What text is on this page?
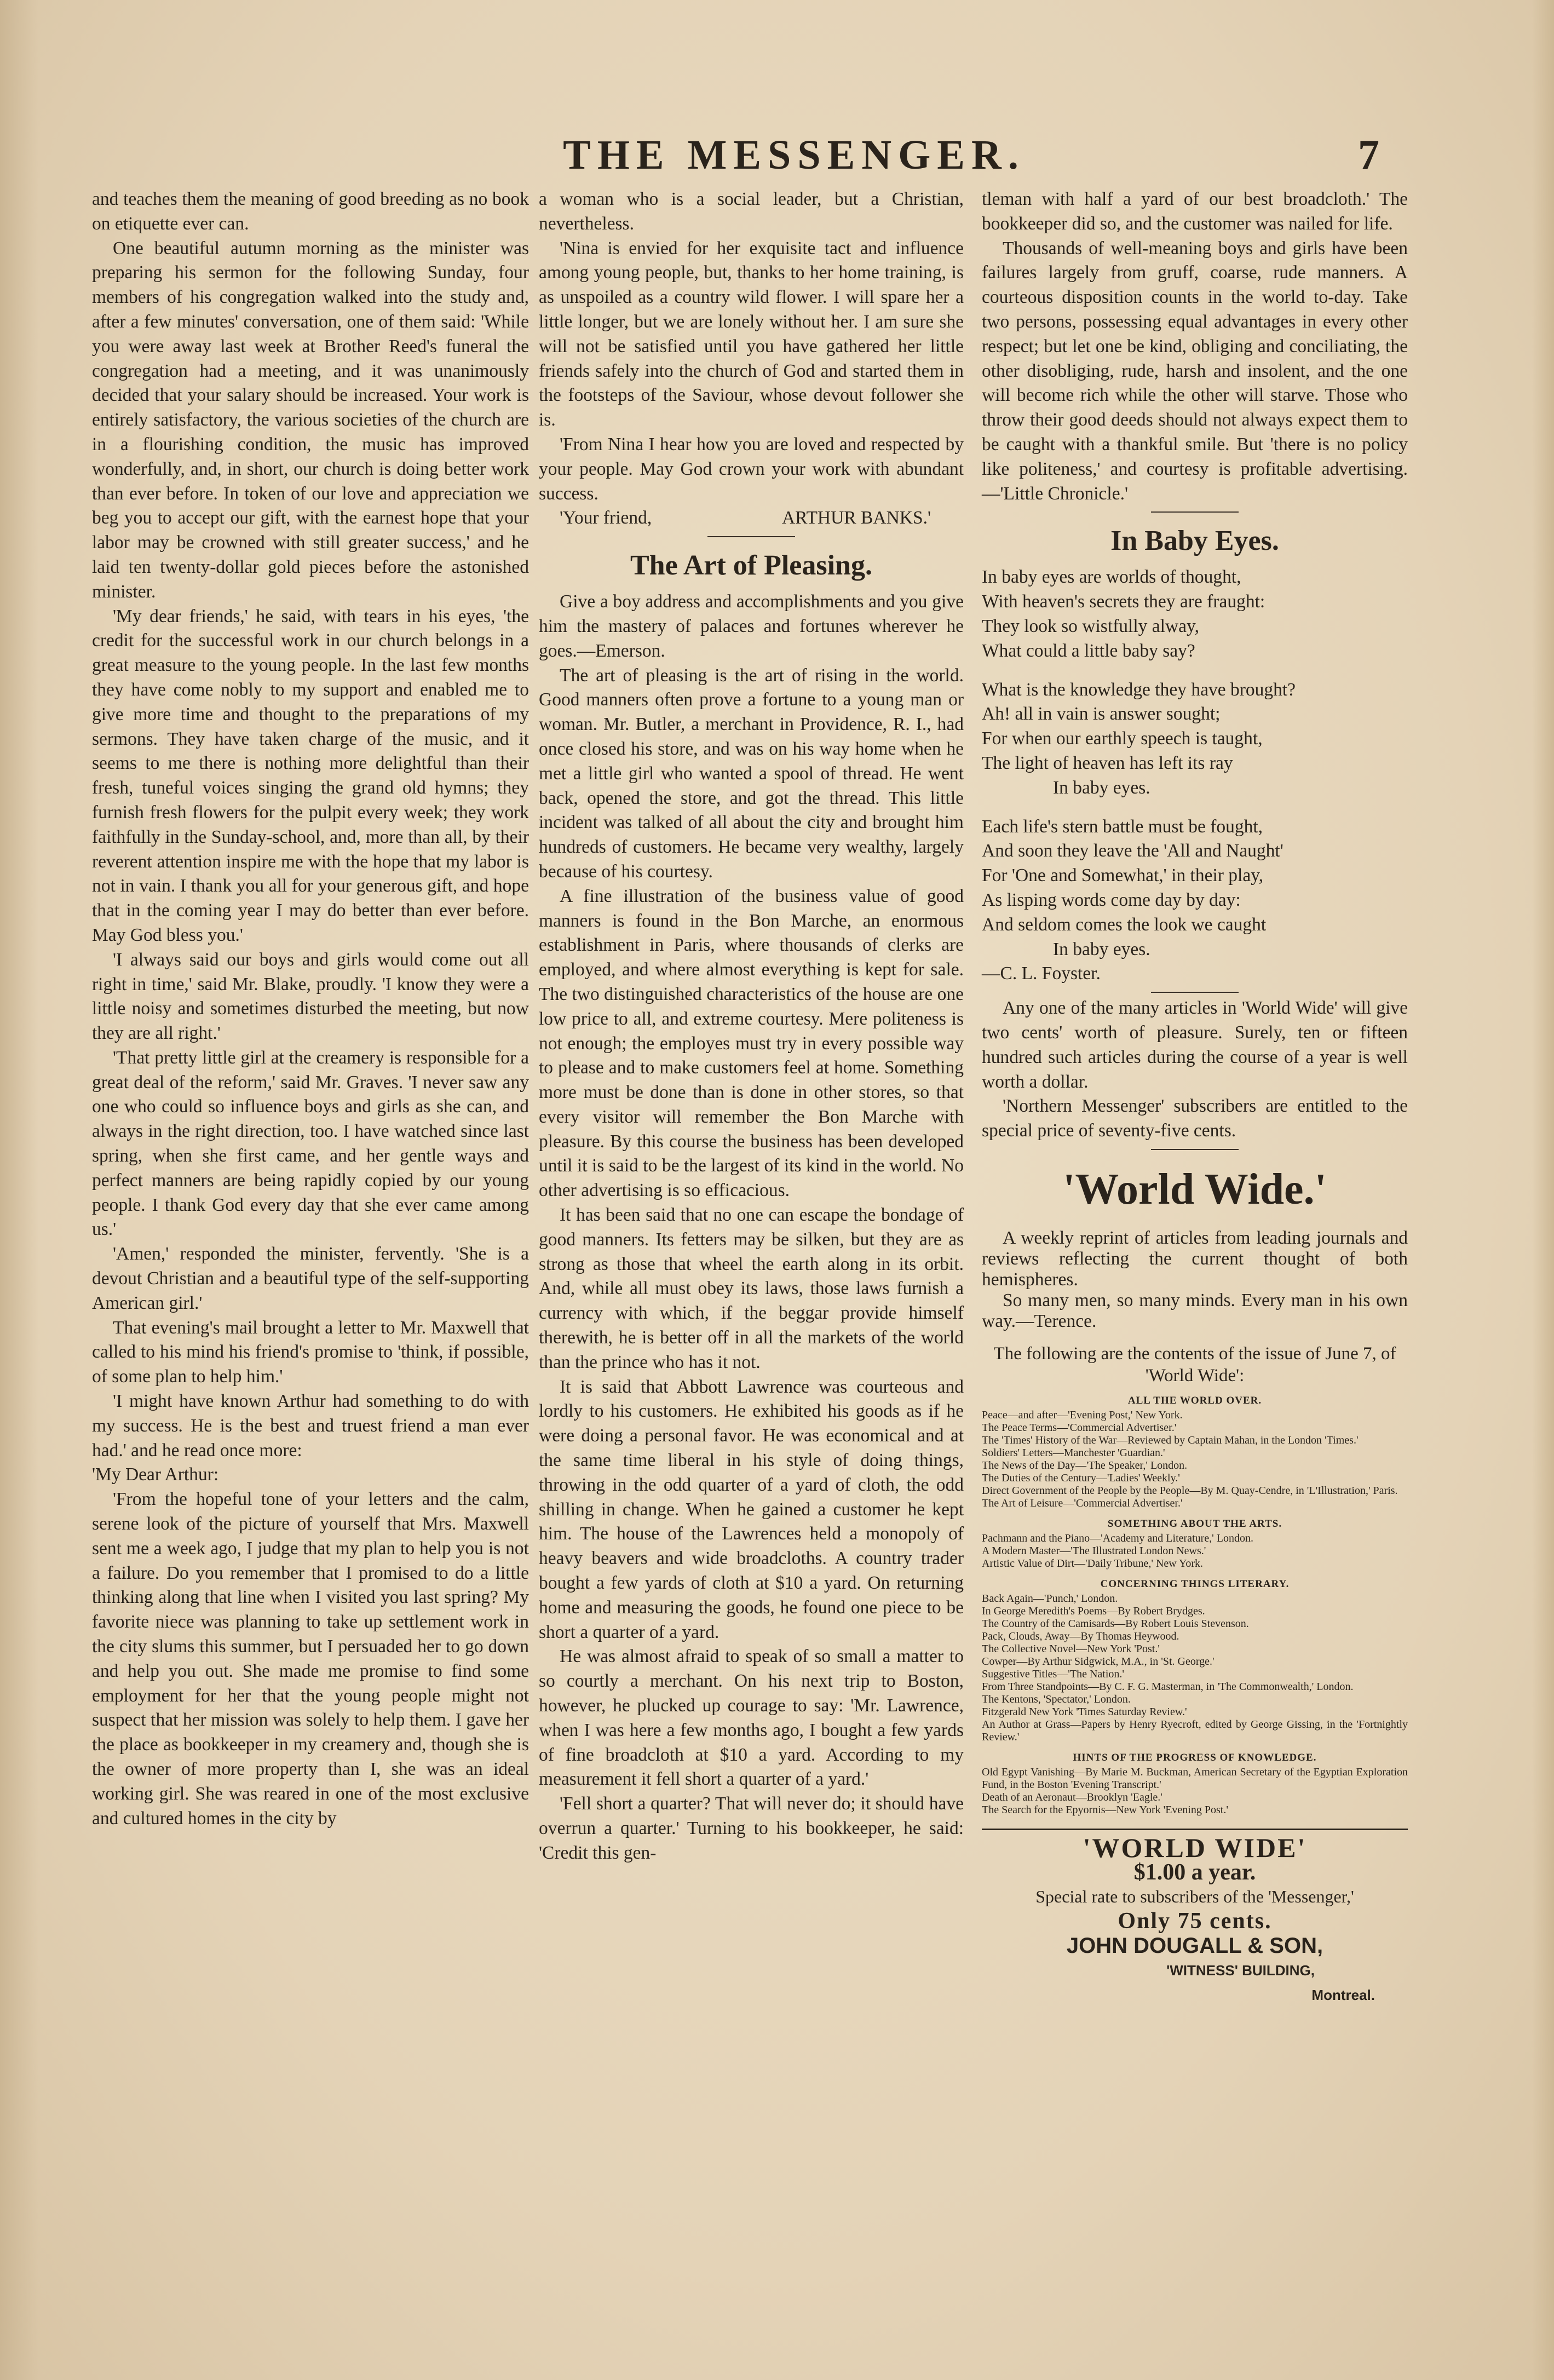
THE MESSENGER.	7

and teaches them the meaning of good breeding as no book on etiquette ever can.

One beautiful autumn morning as the minister was preparing his sermon for the following Sunday, four members of his congregation walked into the study and, after a few minutes' conversation, one of them said: 'While you were away last week at Brother Reed's funeral the congregation had a meeting, and it was unanimously decided that your salary should be increased. Your work is entirely satisfactory, the various societies of the church are in a flourishing condition, the music has improved wonderfully, and, in short, our church is doing better work than ever before. In token of our love and appreciation we beg you to accept our gift, with the earnest hope that your labor may be crowned with still greater success,' and he laid ten twenty-dollar gold pieces before the astonished minister.

'My dear friends,' he said, with tears in his eyes, 'the credit for the successful work in our church belongs in a great measure to the young people. In the last few months they have come nobly to my support and enabled me to give more time and thought to the preparations of my sermons. They have taken charge of the music, and it seems to me there is nothing more delightful than their fresh, tuneful voices singing the grand old hymns; they furnish fresh flowers for the pulpit every week; they work faithfully in the Sunday-school, and, more than all, by their reverent attention inspire me with the hope that my labor is not in vain. I thank you all for your generous gift, and hope that in the coming year I may do better than ever before. May God bless you.'

'I always said our boys and girls would come out all right in time,' said Mr. Blake, proudly. 'I know they were a little noisy and sometimes disturbed the meeting, but now they are all right.'

'That pretty little girl at the creamery is responsible for a great deal of the reform,' said Mr. Graves. 'I never saw any one who could so influence boys and girls as she can, and always in the right direction, too. I have watched since last spring, when she first came, and her gentle ways and perfect manners are being rapidly copied by our young people. I thank God every day that she ever came among us.'

'Amen,' responded the minister, fervently. 'She is a devout Christian and a beautiful type of the self-supporting American girl.'

That evening's mail brought a letter to Mr. Maxwell that called to his mind his friend's promise to 'think, if possible, of some plan to help him.'

'I might have known Arthur had something to do with my success. He is the best and truest friend a man ever had.' and he read once more:

'My Dear Arthur:

'From the hopeful tone of your letters and the calm, serene look of the picture of yourself that Mrs. Maxwell sent me a week ago, I judge that my plan to help you is not a failure. Do you remember that I promised to do a little thinking along that line when I visited you last spring? My favorite niece was planning to take up settlement work in the city slums this summer, but I persuaded her to go down and help you out. She made me promise to find some employment for her that the young people might not suspect that her mission was solely to help them. I gave her the place as bookkeeper in my creamery and, though she is the owner of more property than I, she was an ideal working girl. She was reared in one of the most exclusive and cultured homes in the city by

a woman who is a social leader, but a Christian, nevertheless.

'Nina is envied for her exquisite tact and influence among young people, but, thanks to her home training, is as unspoiled as a country wild flower. I will spare her a little longer, but we are lonely without her. I am sure she will not be satisfied until you have gathered her little friends safely into the church of God and started them in the footsteps of the Saviour, whose devout follower she is.

'From Nina I hear how you are loved and respected by your people. May God crown your work with abundant success.

'Your friend,	ARTHUR BANKS.'

The Art of Pleasing.

Give a boy address and accomplishments and you give him the mastery of palaces and fortunes wherever he goes.—Emerson.

The art of pleasing is the art of rising in the world. Good manners often prove a fortune to a young man or woman. Mr. Butler, a merchant in Providence, R. I., had once closed his store, and was on his way home when he met a little girl who wanted a spool of thread. He went back, opened the store, and got the thread. This little incident was talked of all about the city and brought him hundreds of customers. He became very wealthy, largely because of his courtesy.

A fine illustration of the business value of good manners is found in the Bon Marche, an enormous establishment in Paris, where thousands of clerks are employed, and where almost everything is kept for sale. The two distinguished characteristics of the house are one low price to all, and extreme courtesy. Mere politeness is not enough; the employes must try in every possible way to please and to make customers feel at home. Something more must be done than is done in other stores, so that every visitor will remember the Bon Marche with pleasure. By this course the business has been developed until it is said to be the largest of its kind in the world. No other advertising is so efficacious.

It has been said that no one can escape the bondage of good manners. Its fetters may be silken, but they are as strong as those that wheel the earth along in its orbit. And, while all must obey its laws, those laws furnish a currency with which, if the beggar provide himself therewith, he is better off in all the markets of the world than the prince who has it not.

It is said that Abbott Lawrence was courteous and lordly to his customers. He exhibited his goods as if he were doing a personal favor. He was economical and at the same time liberal in his style of doing things, throwing in the odd quarter of a yard of cloth, the odd shilling in change. When he gained a customer he kept him. The house of the Lawrences held a monopoly of heavy beavers and wide broadcloths. A country trader bought a few yards of cloth at $10 a yard. On returning home and measuring the goods, he found one piece to be short a quarter of a yard.

He was almost afraid to speak of so small a matter to so courtly a merchant. On his next trip to Boston, however, he plucked up courage to say: 'Mr. Lawrence, when I was here a few months ago, I bought a few yards of fine broadcloth at $10 a yard. According to my measurement it fell short a quarter of a yard.'

'Fell short a quarter? That will never do; it should have overrun a quarter.' Turning to his bookkeeper, he said: 'Credit this gen-

tleman with half a yard of our best broadcloth.' The bookkeeper did so, and the customer was nailed for life.

Thousands of well-meaning boys and girls have been failures largely from gruff, coarse, rude manners. A courteous disposition counts in the world to-day. Take two persons, possessing equal advantages in every other respect; but let one be kind, obliging and conciliating, the other disobliging, rude, harsh and insolent, and the one will become rich while the other will starve. Those who throw their good deeds should not always expect them to be caught with a thankful smile. But 'there is no policy like politeness,' and courtesy is profitable advertising. —'Little Chronicle.'

In Baby Eyes.

In baby eyes are worlds of thought,

With heaven's secrets they are fraught:

They look so wistfully alway,

What could a little baby say?

What is the knowledge they have brought?

Ah! all in vain is answer sought;

For when our earthly speech is taught,

The light of heaven has left its ray

In baby eyes.

Each life's stern battle must be fought,

And soon they leave the 'All and Naught'

For 'One and Somewhat,' in their play,

As lisping words come day by day:

And seldom comes the look we caught

In baby eyes.

—C. L. Foyster.

Any one of the many articles in 'World Wide' will give two cents' worth of pleasure. Surely, ten or fifteen hundred such articles during the course of a year is well worth a dollar.

'Northern Messenger' subscribers are entitled to the special price of seventy-five cents.

'World Wide.'

A weekly reprint of articles from leading journals and reviews reflecting the current thought of both hemispheres.

So many men, so many minds. Every man in his own way.—Terence.

The following are the contents of the issue of June 7, of 'World Wide':
ALL THE WORLD OVER.
Peace—and after—'Evening Post,' New York.
The Peace Terms—'Commercial Advertiser.'
The 'Times' History of the War—Reviewed by Captain Mahan, in the London 'Times.'
Soldiers' Letters—Manchester 'Guardian.'
The News of the Day—'The Speaker,' London.
The Duties of the Century—'Ladies' Weekly.'
Direct Government of the People by the People—By M. Quay-Cendre, in 'L'Illustration,' Paris.
The Art of Leisure—'Commercial Advertiser.'
SOMETHING ABOUT THE ARTS.
Pachmann and the Piano—'Academy and Literature,' London.
A Modern Master—'The Illustrated London News.'
Artistic Value of Dirt—'Daily Tribune,' New York.
CONCERNING THINGS LITERARY.
Back Again—'Punch,' London.
In George Meredith's Poems—By Robert Brydges.
The Country of the Camisards—By Robert Louis Stevenson.
Pack, Clouds, Away—By Thomas Heywood.
The Collective Novel—New York 'Post.'
Cowper—By Arthur Sidgwick, M.A., in 'St. George.'
Suggestive Titles—'The Nation.'
From Three Standpoints—By C. F. G. Masterman, in 'The Commonwealth,' London.
The Kentons, 'Spectator,' London.
Fitzgerald New York 'Times Saturday Review.'
An Author at Grass—Papers by Henry Ryecroft, edited by George Gissing, in the 'Fortnightly Review.'
HINTS OF THE PROGRESS OF KNOWLEDGE.
Old Egypt Vanishing—By Marie M. Buckman, American Secretary of the Egyptian Exploration Fund, in the Boston 'Evening Transcript.'
Death of an Aeronaut—Brooklyn 'Eagle.'
The Search for the Epyornis—New York 'Evening Post.'
'WORLD WIDE'
$1.00 a year.
Special rate to subscribers of the 'Messenger,'
Only 75 cents.
JOHN DOUGALL & SON,
'WITNESS' BUILDING,
Montreal.
